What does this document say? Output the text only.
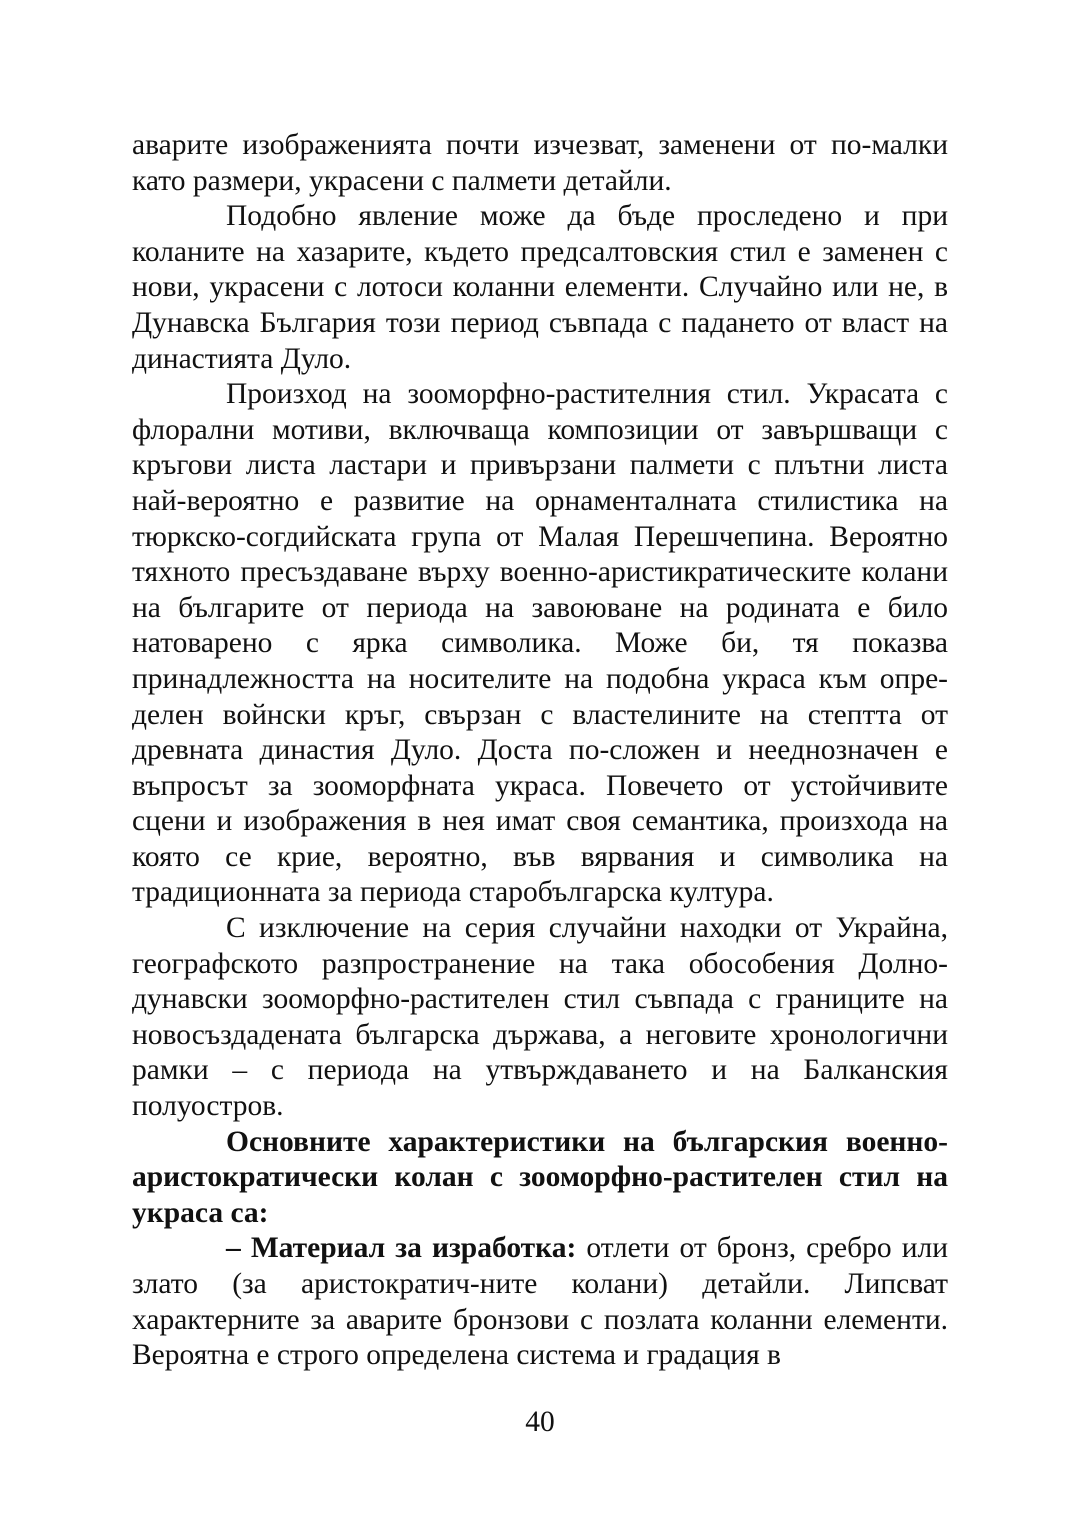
аварите изображенията почти изчезват, заменени от по-малки като размери, украсени с палмети детайли.

Подобно явление може да бъде проследено и при коланите на хазарите, където предсалтовския стил е заменен с нови, украсени с лотоси коланни елементи. Случайно или не, в Дунавска България този период съвпада с падането от власт на династията Дуло.

Произход на зооморфно-растителния стил. Украсата с флорални мотиви, включваща композиции от завършващи с кръгови листа ластари и привързани палмети с плътни листа най-вероятно е развитие на орнаменталната стилистика на тюркско-согдийската група от Малая Перешчепина. Вероятно тяхното пресъздаване върху военно-аристикратическите колани на българите от периода на завоюване на родината е било натоварено с ярка символика. Може би, тя показва принадлежността на носителите на подобна украса към определен войнски кръг, свързан с властелините на стептта от древната династия Дуло. Доста по-сложен и нееднозначен е въпросът за зооморфната украса. Повечето от устойчивите сцени и изображения в нея имат своя семантика, произхода на която се крие, вероятно, във вярвания и символика на традиционната за периода старобългарска култура.

С изключение на серия случайни находки от Украйна, географското разпространение на така обособения Долнодунавски зооморфно-растителен стил съвпада с границите на новосъздадената българска държава, а неговите хронологични рамки – с периода на утвърждаването и на Балканския полуостров.

Основните характеристики на българския военноаристократически колан с зооморфно-растителен стил на украса са:

– Материал за изработка: отлети от бронз, сребро или злато (за аристократич-ните колани) детайли. Липсват характерните за аварите бронзови с позлата коланни елементи. Вероятна е строго определена система и градация в

40
